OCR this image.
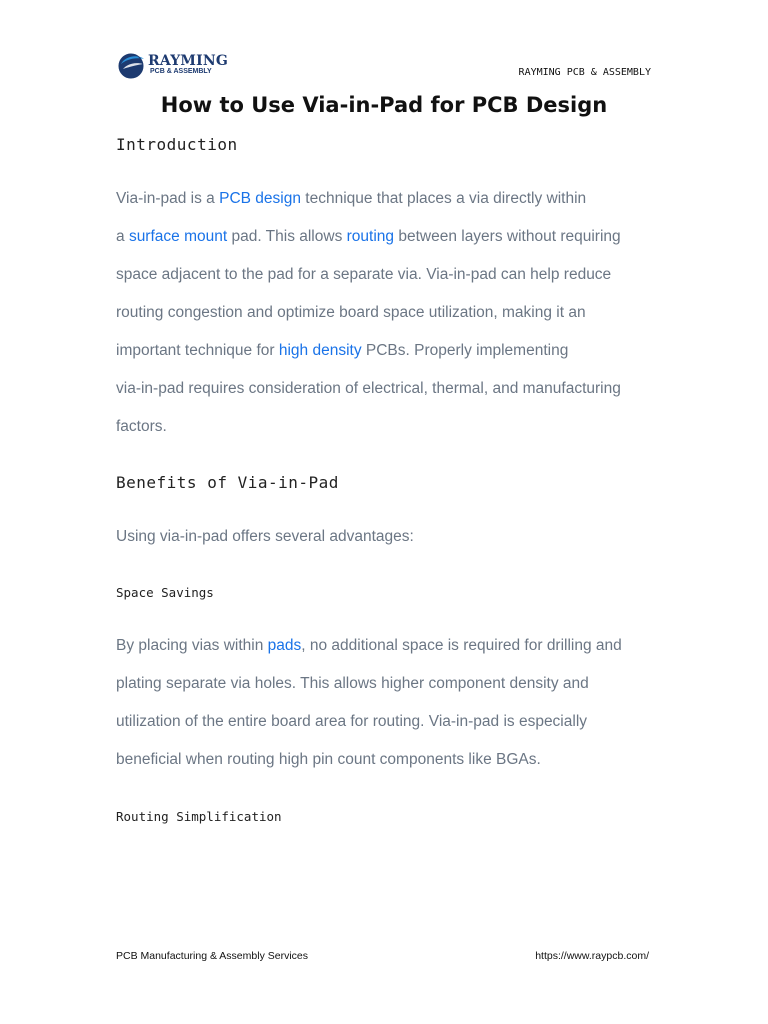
RAYMING
PCB & ASSEMBLY	RAYMING PCB & ASSEMBLY
How to Use Via-in-Pad for PCB Design
Introduction
Via-in-pad is a PCB design technique that places a via directly within
a surface mount pad. This allows routing between layers without requiring
space adjacent to the pad for a separate via. Via-in-pad can help reduce
routing congestion and optimize board space utilization, making it an
important technique for high density PCBs. Properly implementing
via-in-pad requires consideration of electrical, thermal, and manufacturing
factors.
Benefits of Via-in-Pad
Using via-in-pad offers several advantages:
Space Savings
By placing vias within pads, no additional space is required for drilling and
plating separate via holes. This allows higher component density and
utilization of the entire board area for routing. Via-in-pad is especially
beneficial when routing high pin count components like BGAs.
Routing Simplification
PCB Manufacturing & Assembly Services	https://www.raypcb.com/
